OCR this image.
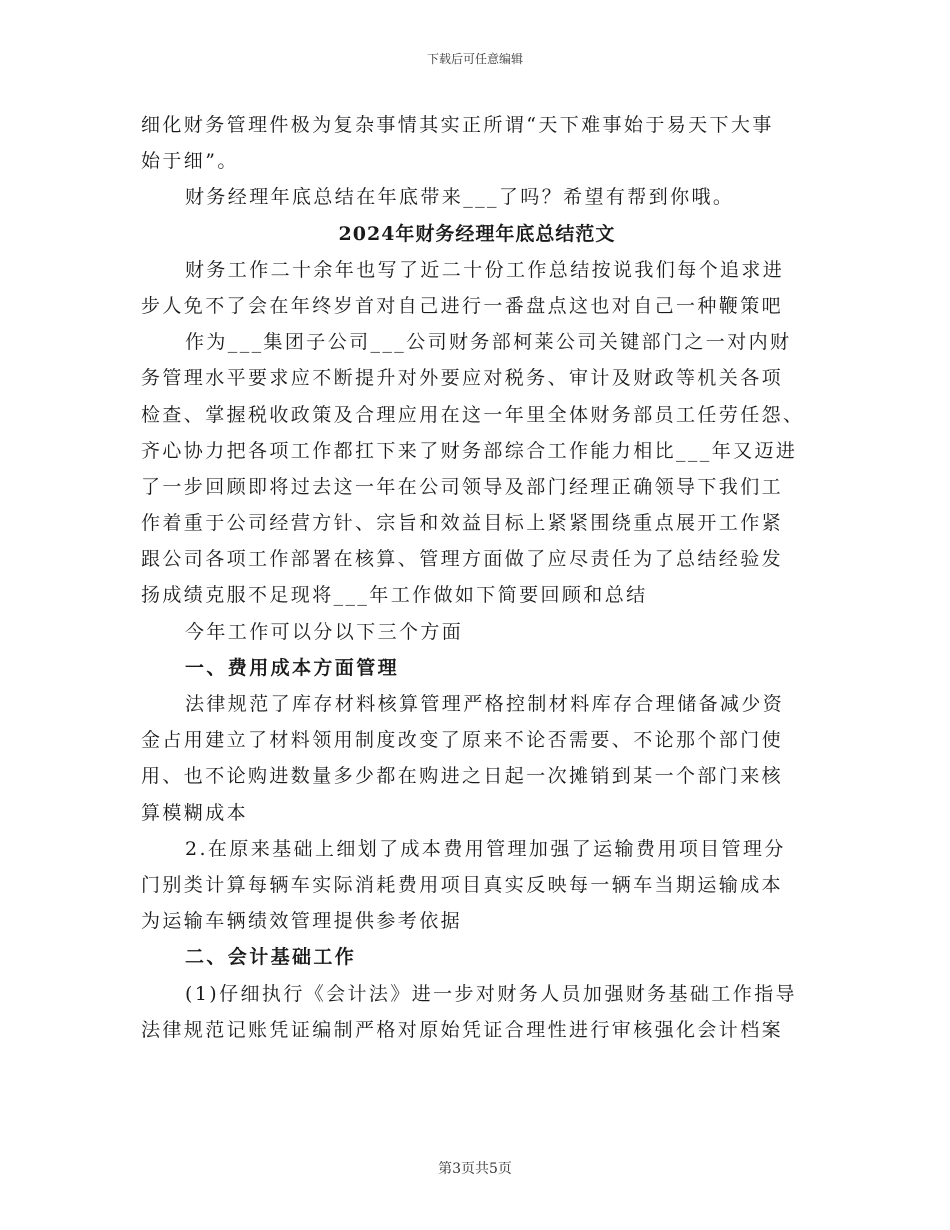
下载后可任意编辑
细化财务管理件极为复杂事情其实正所谓“天下难事始于易天下大事
始于细”。
财务经理年底总结在年底带来___了吗？希望有帮到你哦。
2024年财务经理年底总结范文
财务工作二十余年也写了近二十份工作总结按说我们每个追求进
步人免不了会在年终岁首对自己进行一番盘点这也对自己一种鞭策吧
作为___集团子公司___公司财务部柯莱公司关键部门之一对内财
务管理水平要求应不断提升对外要应对税务、审计及财政等机关各项
检查、掌握税收政策及合理应用在这一年里全体财务部员工任劳任怨、
齐心协力把各项工作都扛下来了财务部综合工作能力相比___年又迈进
了一步回顾即将过去这一年在公司领导及部门经理正确领导下我们工
作着重于公司经营方针、宗旨和效益目标上紧紧围绕重点展开工作紧
跟公司各项工作部署在核算、管理方面做了应尽责任为了总结经验发
扬成绩克服不足现将___年工作做如下简要回顾和总结
今年工作可以分以下三个方面
一、费用成本方面管理
法律规范了库存材料核算管理严格控制材料库存合理储备减少资
金占用建立了材料领用制度改变了原来不论否需要、不论那个部门使
用、也不论购进数量多少都在购进之日起一次摊销到某一个部门来核
算模糊成本
2.在原来基础上细划了成本费用管理加强了运输费用项目管理分
门别类计算每辆车实际消耗费用项目真实反映每一辆车当期运输成本
为运输车辆绩效管理提供参考依据
二、会计基础工作
(1)仔细执行《会计法》进一步对财务人员加强财务基础工作指导
法律规范记账凭证编制严格对原始凭证合理性进行审核强化会计档案
第3页共5页
